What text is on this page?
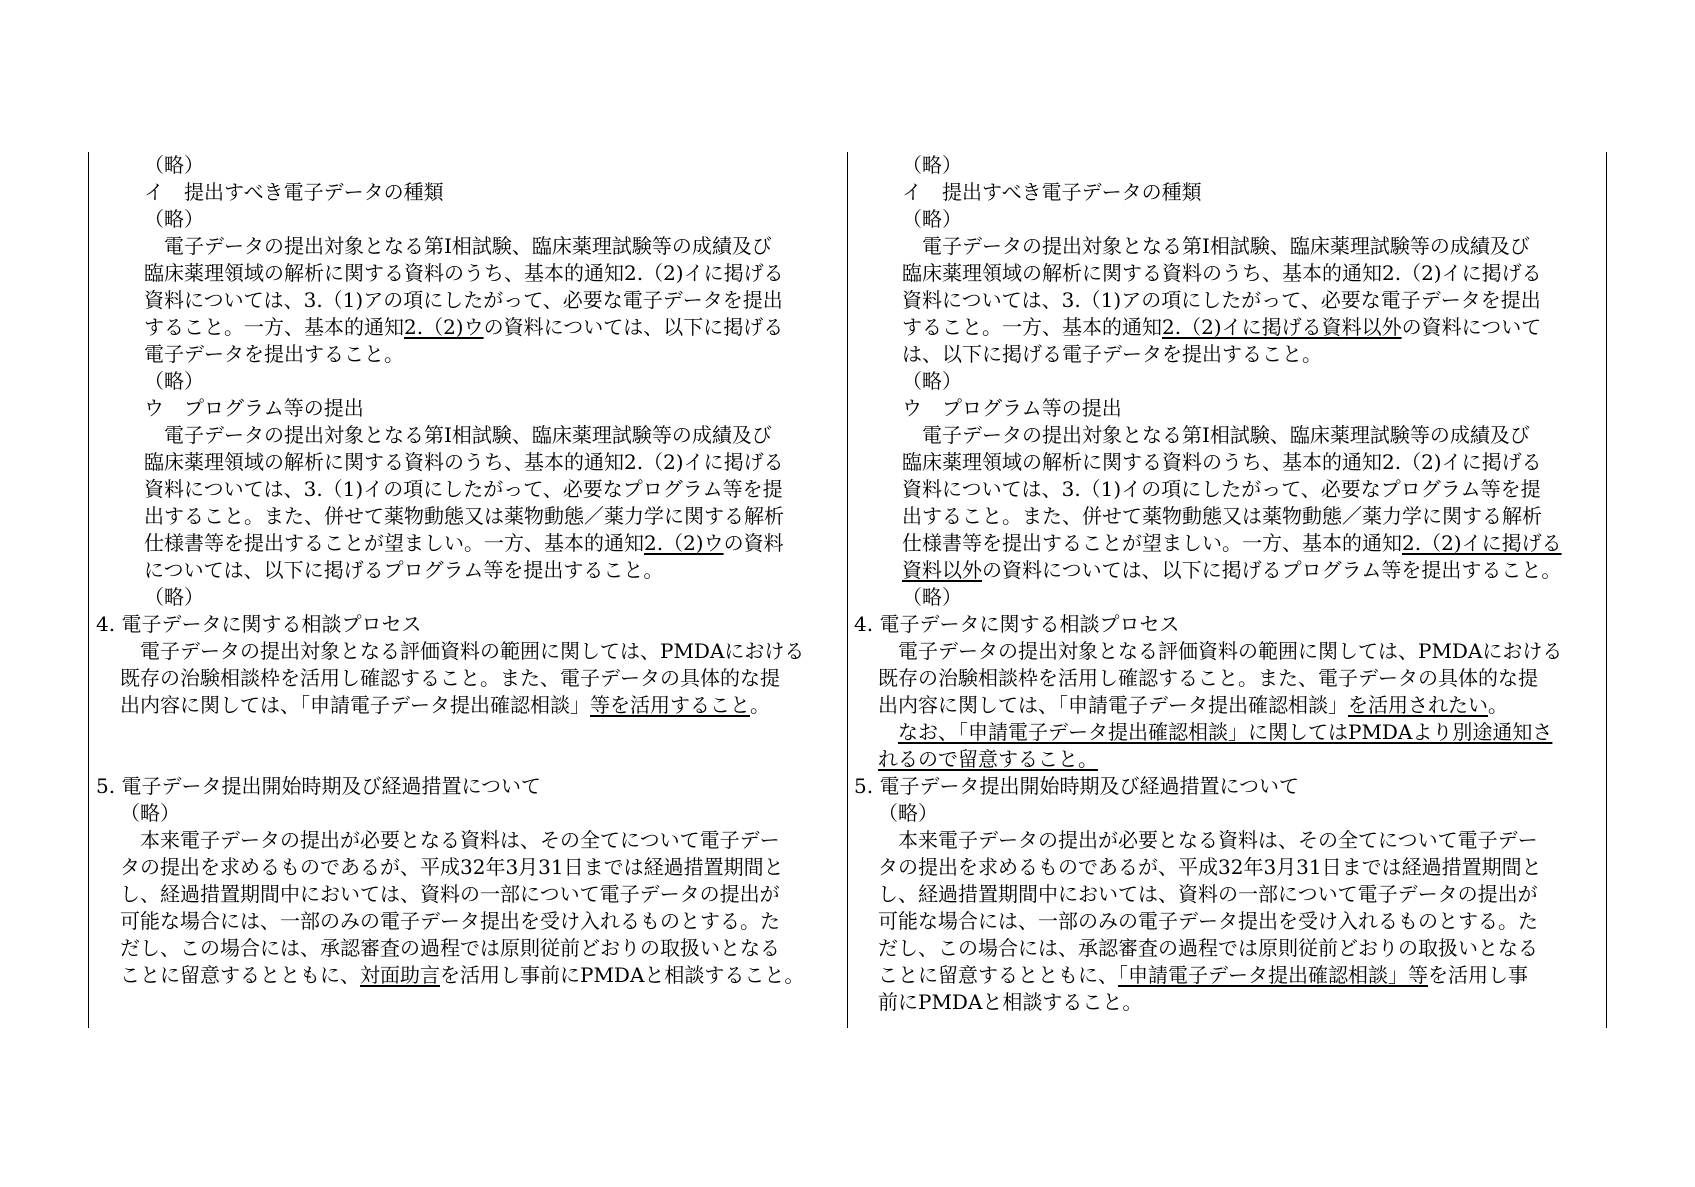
（略）

イ　提出すべき電子データの種類

（略）

電子データの提出対象となる第Ⅰ相試験、臨床薬理試験等の成績及び

臨床薬理領域の解析に関する資料のうち、基本的通知2.（2)イに掲げる

資料については、3.（1)アの項にしたがって、必要な電子データを提出

すること。一方、基本的通知2.（2)ウの資料については、以下に掲げる

電子データを提出すること。

（略）

ウ　プログラム等の提出

電子データの提出対象となる第Ⅰ相試験、臨床薬理試験等の成績及び

臨床薬理領域の解析に関する資料のうち、基本的通知2.（2)イに掲げる

資料については、3.（1)イの項にしたがって、必要なプログラム等を提

出すること。また、併せて薬物動態又は薬物動態／薬力学に関する解析

仕様書等を提出することが望ましい。一方、基本的通知2.（2)ウの資料

については、以下に掲げるプログラム等を提出すること。

（略）

4. 電子データに関する相談プロセス

電子データの提出対象となる評価資料の範囲に関しては、PMDAにおける

既存の治験相談枠を活用し確認すること。また、電子データの具体的な提

出内容に関しては、「申請電子データ提出確認相談」等を活用すること。

5. 電子データ提出開始時期及び経過措置について

（略）

本来電子データの提出が必要となる資料は、その全てについて電子デー

タの提出を求めるものであるが、平成32年3月31日までは経過措置期間と

し、経過措置期間中においては、資料の一部について電子データの提出が

可能な場合には、一部のみの電子データ提出を受け入れるものとする。た

だし、この場合には、承認審査の過程では原則従前どおりの取扱いとなる

ことに留意するとともに、対面助言を活用し事前にPMDAと相談すること。

（略）

イ　提出すべき電子データの種類

（略）

電子データの提出対象となる第Ⅰ相試験、臨床薬理試験等の成績及び

臨床薬理領域の解析に関する資料のうち、基本的通知2.（2)イに掲げる

資料については、3.（1)アの項にしたがって、必要な電子データを提出

すること。一方、基本的通知2.（2)イに掲げる資料以外の資料について

は、以下に掲げる電子データを提出すること。

（略）

ウ　プログラム等の提出

電子データの提出対象となる第Ⅰ相試験、臨床薬理試験等の成績及び

臨床薬理領域の解析に関する資料のうち、基本的通知2.（2)イに掲げる

資料については、3.（1)イの項にしたがって、必要なプログラム等を提

出すること。また、併せて薬物動態又は薬物動態／薬力学に関する解析

仕様書等を提出することが望ましい。一方、基本的通知2.（2)イに掲げる

資料以外の資料については、以下に掲げるプログラム等を提出すること。

（略）

4. 電子データに関する相談プロセス

電子データの提出対象となる評価資料の範囲に関しては、PMDAにおける

既存の治験相談枠を活用し確認すること。また、電子データの具体的な提

出内容に関しては、「申請電子データ提出確認相談」を活用されたい。

なお、「申請電子データ提出確認相談」に関してはPMDAより別途通知さ

れるので留意すること。

5. 電子データ提出開始時期及び経過措置について

（略）

本来電子データの提出が必要となる資料は、その全てについて電子デー

タの提出を求めるものであるが、平成32年3月31日までは経過措置期間と

し、経過措置期間中においては、資料の一部について電子データの提出が

可能な場合には、一部のみの電子データ提出を受け入れるものとする。た

だし、この場合には、承認審査の過程では原則従前どおりの取扱いとなる

ことに留意するとともに、「申請電子データ提出確認相談」等を活用し事

前にPMDAと相談すること。
